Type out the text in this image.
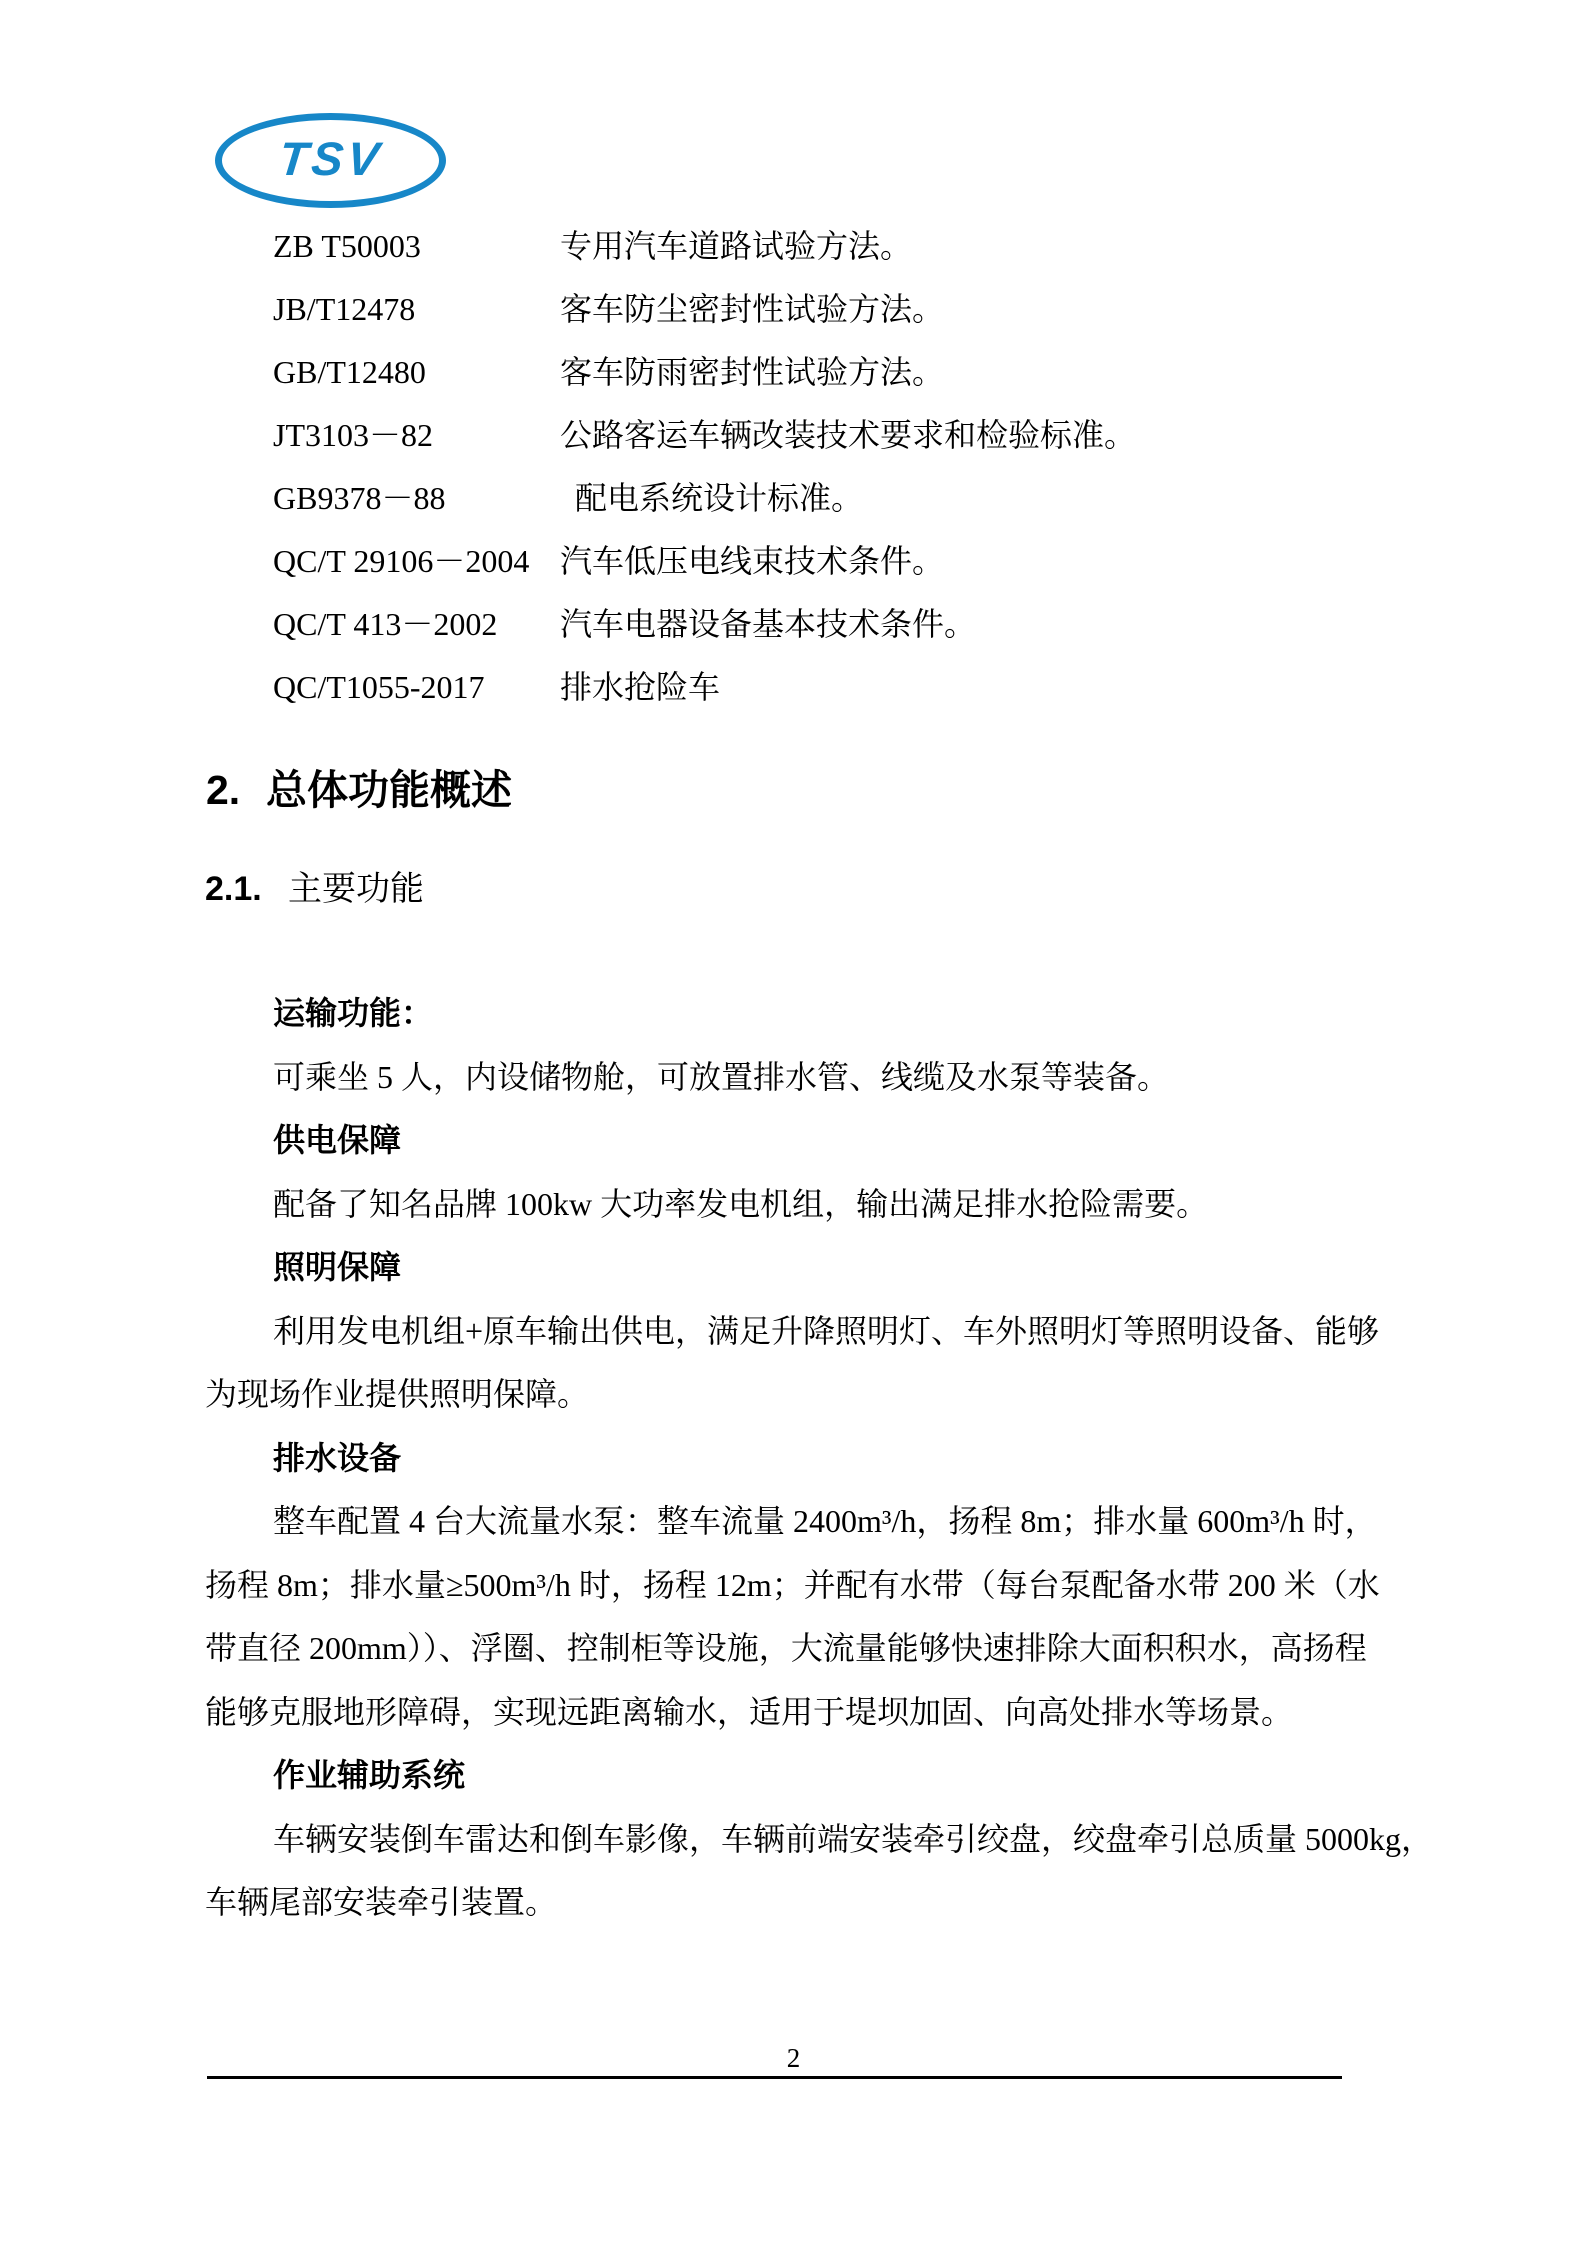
TSV
ZB T50003	专用汽车道路试验方法。
JB/T12478	客车防尘密封性试验方法。
GB/T12480	客车防雨密封性试验方法。
JT3103－82	公路客运车辆改装技术要求和检验标准。
GB9378－88	配电系统设计标准。
QC/T 29106－2004 汽车低压电线束技术条件。
QC/T 413－2002 汽车电器设备基本技术条件。
QC/T1055-2017 排水抢险车
2. 总体功能概述
2.1. 主要功能
运输功能：
可乘坐 5 人，内设储物舱，可放置排水管、线缆及水泵等装备。
供电保障
配备了知名品牌 100kw 大功率发电机组，输出满足排水抢险需要。
照明保障
利用发电机组+原车输出供电，满足升降照明灯、车外照明灯等照明设备、能够
为现场作业提供照明保障。
排水设备
整车配置 4 台大流量水泵：整车流量 2400m³/h，扬程 8m；排水量 600m³/h 时，
扬程 8m；排水量≥500m³/h 时，扬程 12m；并配有水带（每台泵配备水带 200 米（水
带直径 200mm））、浮圈、控制柜等设施，大流量能够快速排除大面积积水，高扬程
能够克服地形障碍，实现远距离输水，适用于堤坝加固、向高处排水等场景。
作业辅助系统
车辆安装倒车雷达和倒车影像，车辆前端安装牵引绞盘，绞盘牵引总质量 5000kg，
车辆尾部安装牵引装置。
2
